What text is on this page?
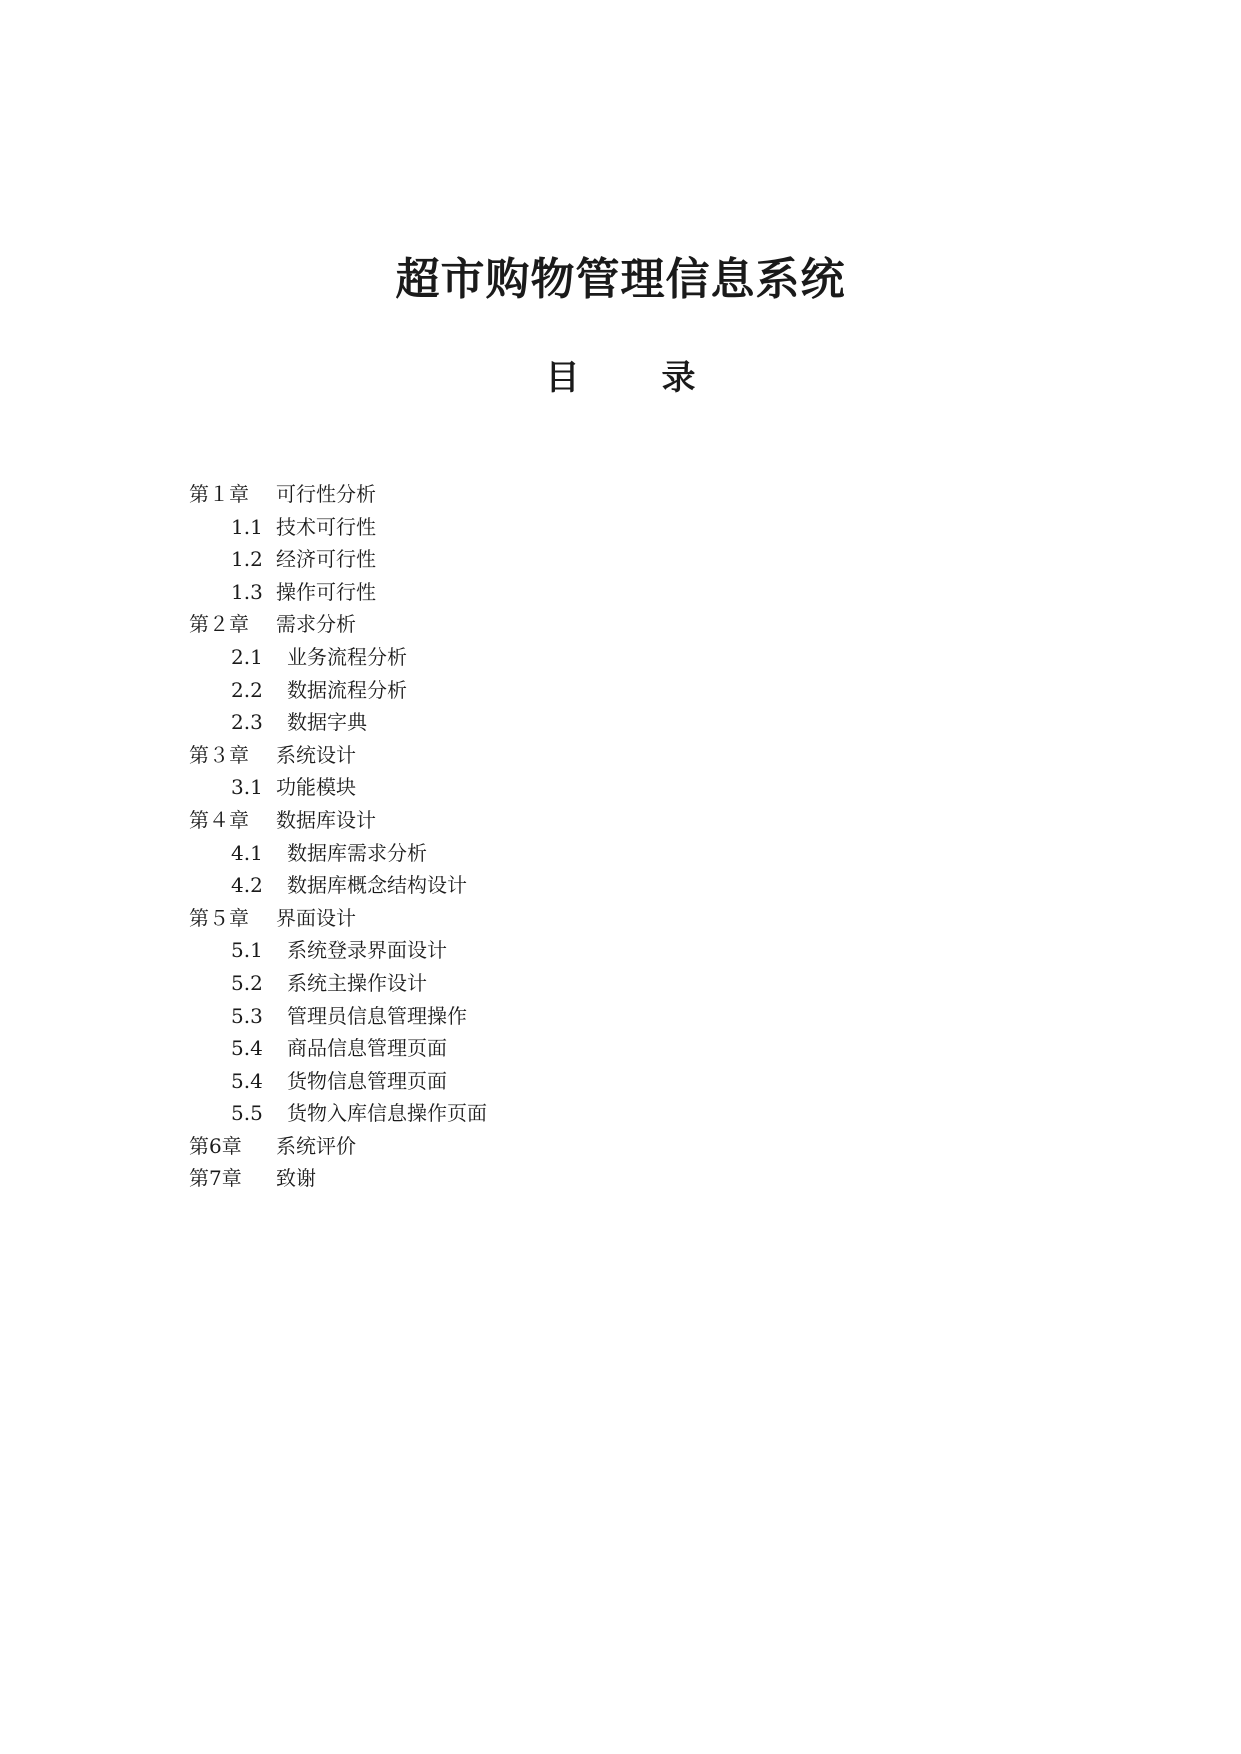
超市购物管理信息系统
目 录
第１章 可行性分析
1.1 技术可行性
1.2 经济可行性
1.3 操作可行性
第２章 需求分析
2.1 业务流程分析
2.2 数据流程分析
2.3 数据字典
第３章 系统设计
3.1 功能模块
第４章 数据库设计
4.1 数据库需求分析
4.2 数据库概念结构设计
第５章 界面设计
5.1 系统登录界面设计
5.2 系统主操作设计
5.3 管理员信息管理操作
5.4 商品信息管理页面
5.4 货物信息管理页面
5.5 货物入库信息操作页面
第6章 系统评价
第7章 致谢
